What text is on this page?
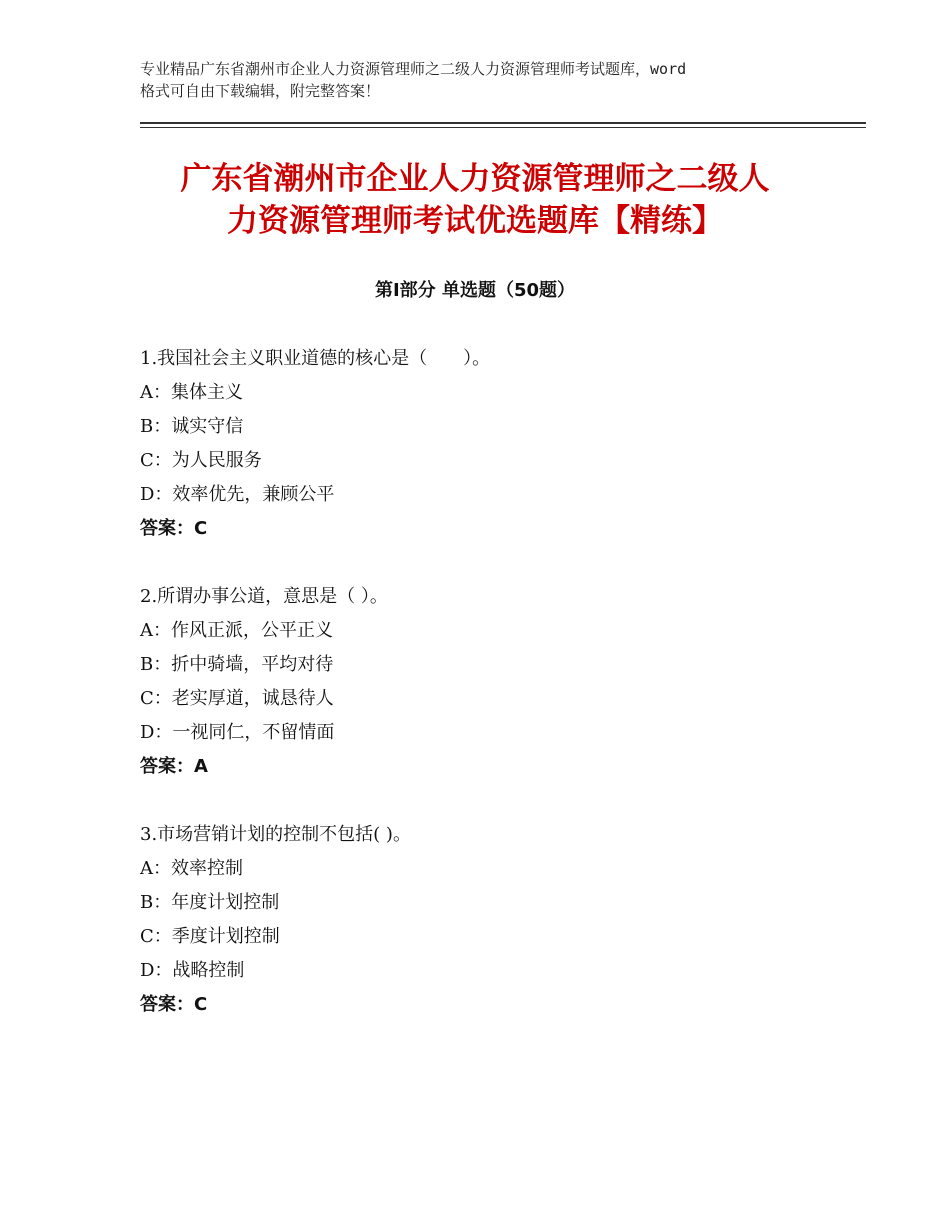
专业精品广东省潮州市企业人力资源管理师之二级人力资源管理师考试题库，word
格式可自由下载编辑，附完整答案！
广东省潮州市企业人力资源管理师之二级人
力资源管理师考试优选题库【精练】
第Ⅰ部分 单选题（50题）
1.我国社会主义职业道德的核心是（　　）。
A：集体主义
B：诚实守信
C：为人民服务
D：效率优先，兼顾公平
答案：C
2.所谓办事公道，意思是（ ）。
A：作风正派，公平正义
B：折中骑墙，平均对待
C：老实厚道，诚恳待人
D：一视同仁，不留情面
答案：A
3.市场营销计划的控制不包括( )。
A：效率控制
B：年度计划控制
C：季度计划控制
D：战略控制
答案：C
